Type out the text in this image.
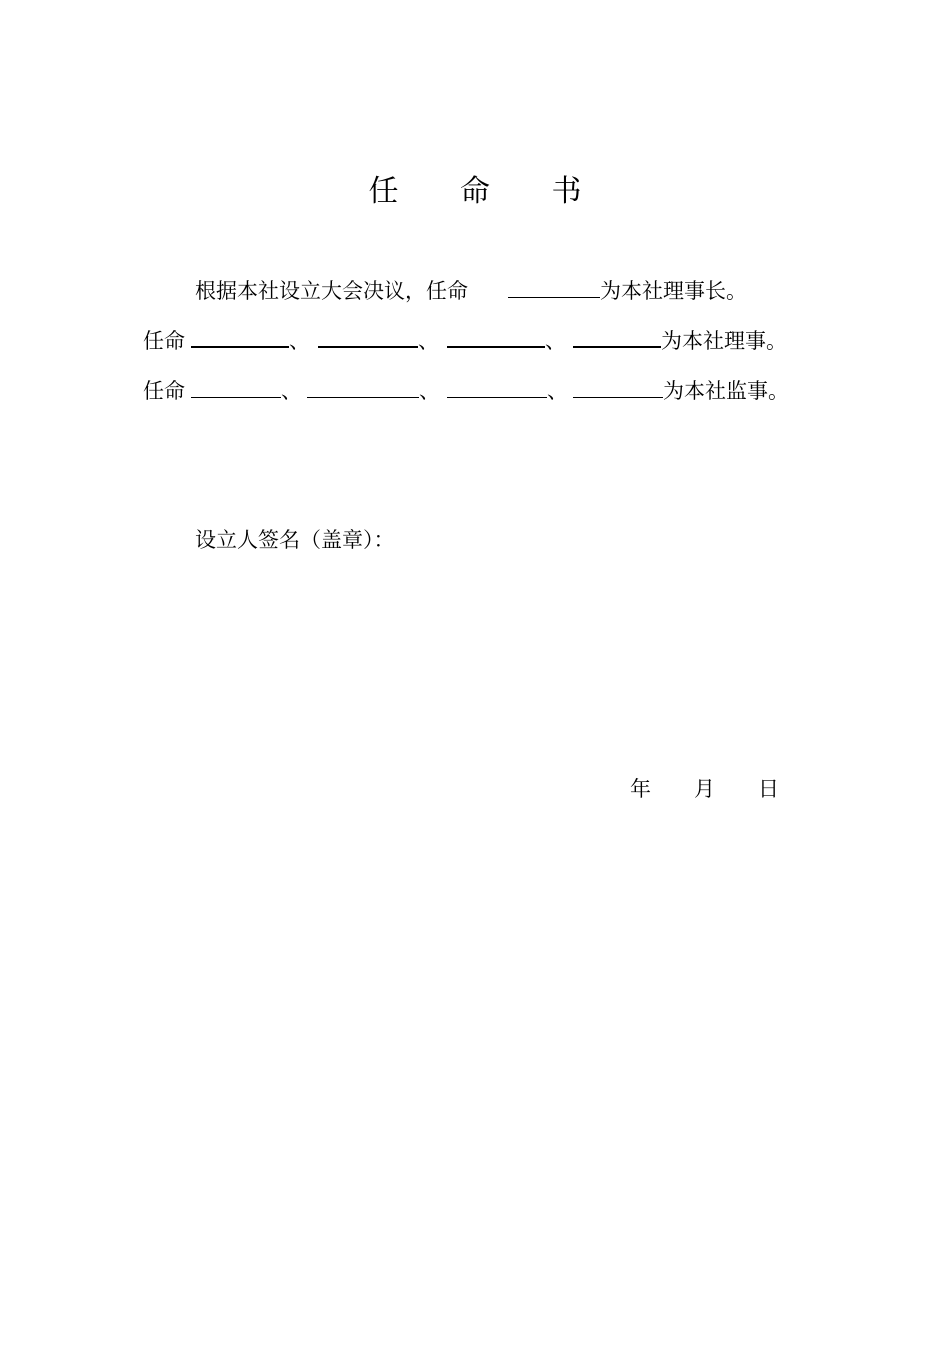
任 命 书
根据本社设立大会决议，任命	为本社理事长。
任命	、	、	、	为本社理事。
任命	、	、	、	为本社监事。
设立人签名（盖章）：
年 月 日
